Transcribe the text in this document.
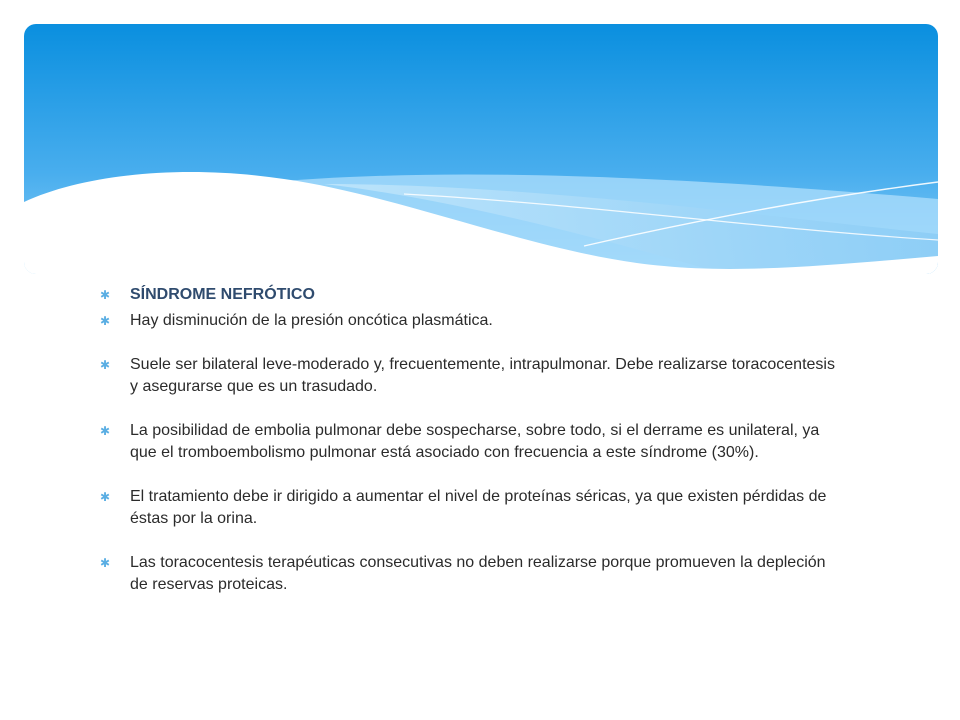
✱ SÍNDROME NEFRÓTICO

✱ Hay disminución de la presión oncótica plasmática.

✱ Suele ser bilateral leve-moderado y, frecuentemente, intrapulmonar. Debe realizarse toracocentesis y asegurarse que es un trasudado.

✱ La posibilidad de embolia pulmonar debe sospecharse, sobre todo, si el derrame es unilateral, ya que el tromboembolismo pulmonar está asociado con frecuencia a este síndrome (30%).

✱ El tratamiento debe ir dirigido a aumentar el nivel de proteínas séricas, ya que existen pérdidas de éstas por la orina.

✱ Las toracocentesis terapéuticas consecutivas no deben realizarse porque promueven la depleción de reservas proteicas.
